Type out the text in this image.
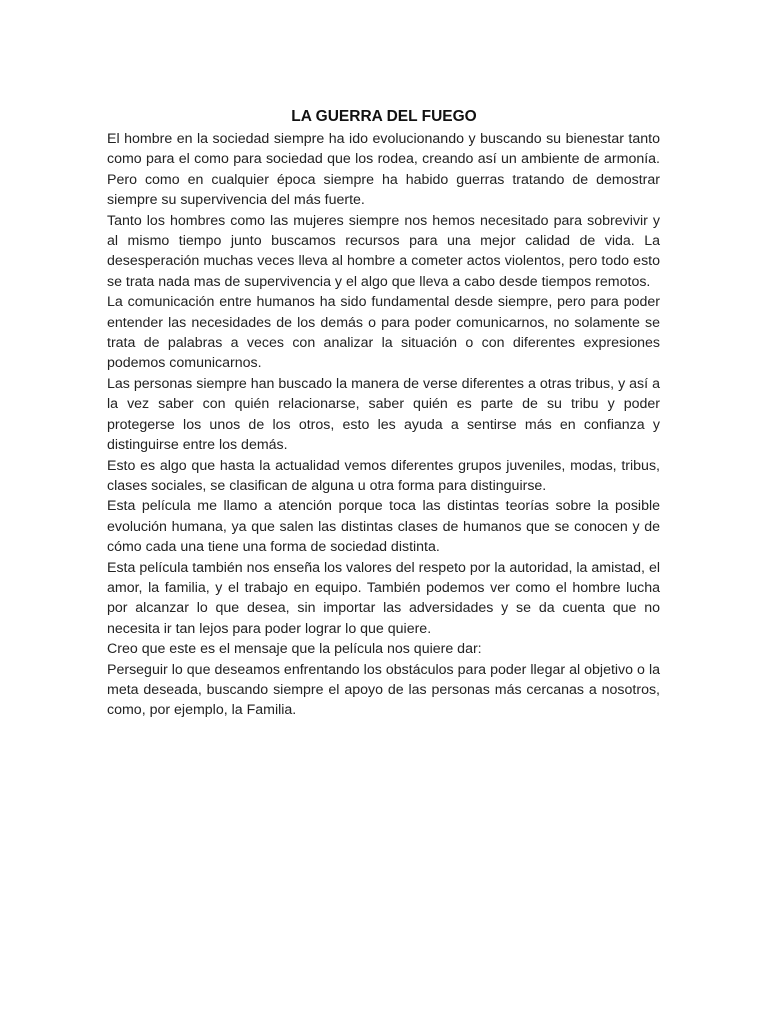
LA GUERRA DEL FUEGO

El hombre en la sociedad siempre ha ido evolucionando y buscando su bienestar tanto como para el como para sociedad que los rodea, creando así un ambiente de armonía. Pero como en cualquier época siempre ha habido guerras tratando de demostrar siempre su supervivencia del más fuerte.

Tanto los hombres como las mujeres siempre nos hemos necesitado para sobrevivir y al mismo tiempo junto buscamos recursos para una mejor calidad de vida. La desesperación muchas veces lleva al hombre a cometer actos violentos, pero todo esto se trata nada mas de supervivencia y el algo que lleva a cabo desde tiempos remotos.

La comunicación entre humanos ha sido fundamental desde siempre, pero para poder entender las necesidades de los demás o para poder comunicarnos, no solamente se trata de palabras a veces con analizar la situación o con diferentes expresiones podemos comunicarnos.

Las personas siempre han buscado la manera de verse diferentes a otras tribus, y así a la vez saber con quién relacionarse, saber quién es parte de su tribu y poder protegerse los unos de los otros, esto les ayuda a sentirse más en confianza y distinguirse entre los demás.

Esto es algo que hasta la actualidad vemos diferentes grupos juveniles, modas, tribus, clases sociales, se clasifican de alguna u otra forma para distinguirse.

Esta película me llamo a atención porque toca las distintas teorías sobre la posible evolución humana, ya que salen las distintas clases de humanos que se conocen y de cómo cada una tiene una forma de sociedad distinta.

Esta película también nos enseña los valores del respeto por la autoridad, la amistad, el amor, la familia, y el trabajo en equipo. También podemos ver como el hombre lucha por alcanzar lo que desea, sin importar las adversidades y se da cuenta que no necesita ir tan lejos para poder lograr lo que quiere.

Creo que este es el mensaje que la película nos quiere dar:

Perseguir lo que deseamos enfrentando los obstáculos para poder llegar al objetivo o la meta deseada, buscando siempre el apoyo de las personas más cercanas a nosotros, como, por ejemplo, la Familia.
